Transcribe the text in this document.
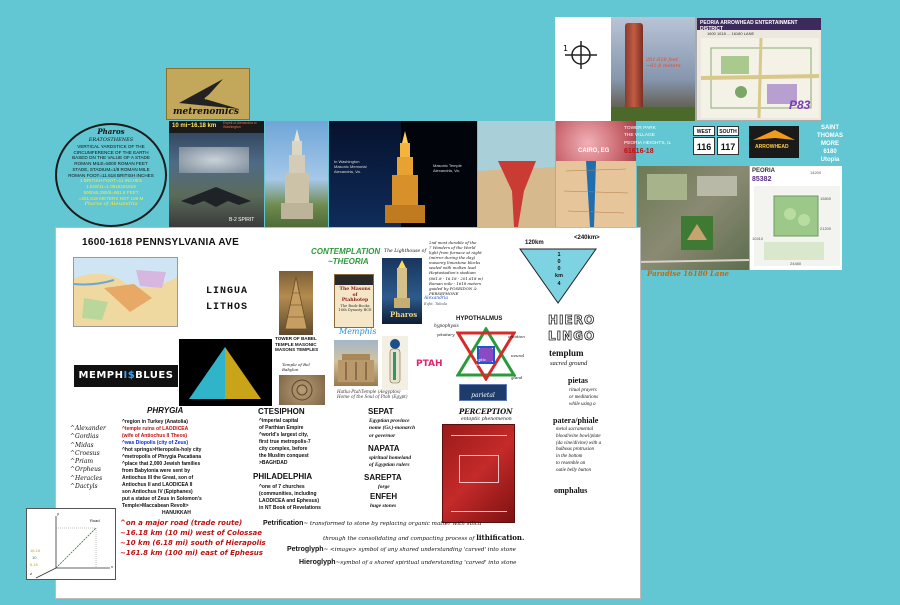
metrenomics
1
201.618 feet ~61.8 meters
PEORIA ARROWHEAD ENTERTAINMENT DISTRICT
1600 1618 ... 16180 LANE
P83
Pharos
ERATOSTHENES
VERTICAL YARDSTICK OF THE
CIRCUMFERENCE OF THE EARTH
BASED ON THE VALUE OF A STADE
ROMAN MILE=5000 ROMAN FEET
STADE, STADIUM=1/8 ROMAN MILE
ROMAN FOOT=11.618 BRITISH INCHES
1 BRITISH FOOT=11 INCHES
1.618/11=1.0618181818
5000x5,280/8=661.8 FEET
=201.618 METERS NOT 185 M
Pharos of Alexandria
10 mi~16.18 km Espirit of Alexandria to Washington
B-2 SPIRIT
In Washington
Masonic Memorial
Alexandria, Va.
Masonic Temple
Alexandria, Va.
CAIRO, EG
WEST	SOUTH
116	117
TOWER PARK
THE VILLAGE
PEORIA HEIGHTS, IL
61616-18
ARROWHEAD
SAINT
THOMAS
MORE
6180
Utopia
PEORIA
85382
14200
15800
10410
21200
24480
Paradise 16180 Lane
1600-1618 PENNSYLVANIA AVE
CONTEMPLATION
~THEORIA
LINGUA
LITHOS
TOWER OF BABEL
TEMPLE MASONIC
MASONS TEMPLES
Temple of Bel
Babylon
The Masons
of
Ptahhotep
The Book-Books
16th Dynasty BCE
The Lighthouse of
Pharos
Alexandria
Eqht. Tabula
2nd most durable of the
7 Wonders of the World
light from furnace at night
(mirror during the day)
masonry limestone blocks
sealed with molten lead
Heptastadion's stadium
(661.8 - 16.18 - 201.618 m)
Roman mile - 1618 meters
guided by POSEIDON &
PERSEPHONE
120km
<240km>
1
0
0
km
4
MEMPHI$BLUES
Memphis
PTAH
Hatka-PtahTemple (Aegyptos)
Home of the Soul of Ptah (Egypt)
HYPOTHALMUS
hypophysis
pituitary
optic
nerve
creation
neural
gland
parietal
PERCEPTION
entoptic phenomenon
HIERO
LINGO
templum
sacred ground
pietas
ritual prayers
or meditations
while using a
patera/phiale
metal sacramental
blood/wine bowl/plate
(da vine/divine) with a
bulbous protrusion
in the bottom
to resemble an
outie belly button
omphalus
PHRYGIA
^Alexander
^Gordias
^Midas
^Croesus
^Priam
^Orpheus
^Heracles
^Dactyls
^region in Turkey (Anatolia)
^temple ruins of LAODICEA
(wife of Antiochus II Theos)
^was Diopolis (city of Zeus)
^hot springs>Hieropolis-holy city
^metropolis of Phrygia Pacatiana
^place that 2,000 Jewish families
from Babylonia were sent by
Antiochus III the Great, son of
Antiochus II and LAODICEA II
son Antiochus IV (Epiphanes)
put a statue of Zeus in Solomon's
Temple>Maccabean Revolt>
HANUKKAH
CTESIPHON
^imperial capital
of Parthian Empire
^world's largest city,
first true metropolis-7
city complex, before
the Muslim conquest
>BAGHDAD
PHILADELPHIA
^one of 7 churches
(communities, including
LAODICEA and Ephesus)
in NT Book of Revelations
SEPAT
Egyptian province
nome (Gr.)-monarch
or governor
NAPATA
spiritual homeland
of Egyptian rulers
SAREPTA
forge
ENFEH
huge stones
y
Road
x
z
16.18
10
6.18
^on a major road (trade route)
~16.18 km (10 mi) west of Colossae
~10 km (6.18 mi) south of Hierapolis
~161.8 km (100 mi) east of Ephesus
Petrification~ transformed to stone by replacing organic matter with silica
through the consolidating and compacting process of lithification.
Petroglyph~ <image> symbol of any shared understanding 'carved' into stone
Hieroglyph~symbol of a shared spiritual understanding 'carved' into stone
